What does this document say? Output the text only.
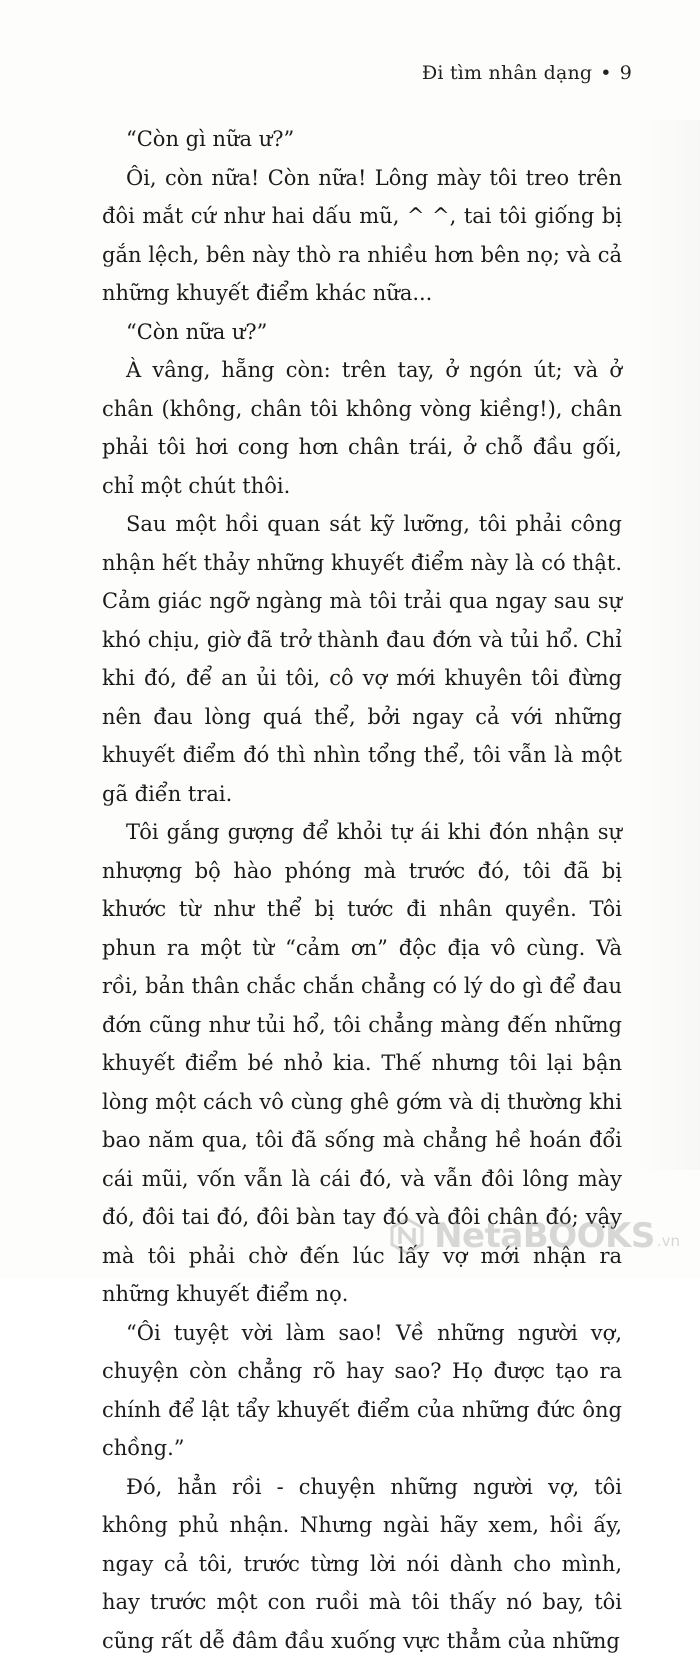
Đi tìm nhân dạng • 9

“Còn gì nữa ư?”

Ôi, còn nữa! Còn nữa! Lông mày tôi treo trên đôi mắt cứ như hai dấu mũ, ^ ^, tai tôi giống bị gắn lệch, bên này thò ra nhiều hơn bên nọ; và cả những khuyết điểm khác nữa...

“Còn nữa ư?”

À vâng, hẵng còn: trên tay, ở ngón út; và ở chân (không, chân tôi không vòng kiềng!), chân phải tôi hơi cong hơn chân trái, ở chỗ đầu gối, chỉ một chút thôi.

Sau một hồi quan sát kỹ lưỡng, tôi phải công nhận hết thảy những khuyết điểm này là có thật. Cảm giác ngỡ ngàng mà tôi trải qua ngay sau sự khó chịu, giờ đã trở thành đau đớn và tủi hổ. Chỉ khi đó, để an ủi tôi, cô vợ mới khuyên tôi đừng nên đau lòng quá thể, bởi ngay cả với những khuyết điểm đó thì nhìn tổng thể, tôi vẫn là một gã điển trai.

Tôi gắng gượng để khỏi tự ái khi đón nhận sự nhượng bộ hào phóng mà trước đó, tôi đã bị khước từ như thể bị tước đi nhân quyền. Tôi phun ra một từ “cảm ơn” độc địa vô cùng. Và rồi, bản thân chắc chắn chẳng có lý do gì để đau đớn cũng như tủi hổ, tôi chẳng màng đến những khuyết điểm bé nhỏ kia. Thế nhưng tôi lại bận lòng một cách vô cùng ghê gớm và dị thường khi bao năm qua, tôi đã sống mà chẳng hề hoán đổi cái mũi, vốn vẫn là cái đó, và vẫn đôi lông mày đó, đôi tai đó, đôi bàn tay đó và đôi chân đó; vậy mà tôi phải chờ đến lúc lấy vợ mới nhận ra những khuyết điểm nọ.

“Ôi tuyệt vời làm sao! Về những người vợ, chuyện còn chẳng rõ hay sao? Họ được tạo ra chính để lật tẩy khuyết điểm của những đức ông chồng.”

Đó, hẳn rồi - chuyện những người vợ, tôi không phủ nhận. Nhưng ngài hãy xem, hồi ấy, ngay cả tôi, trước từng lời nói dành cho mình, hay trước một con ruồi mà tôi thấy nó bay, tôi cũng rất dễ đâm đầu xuống vực thẳm của những

NetaBOOKS .vn
